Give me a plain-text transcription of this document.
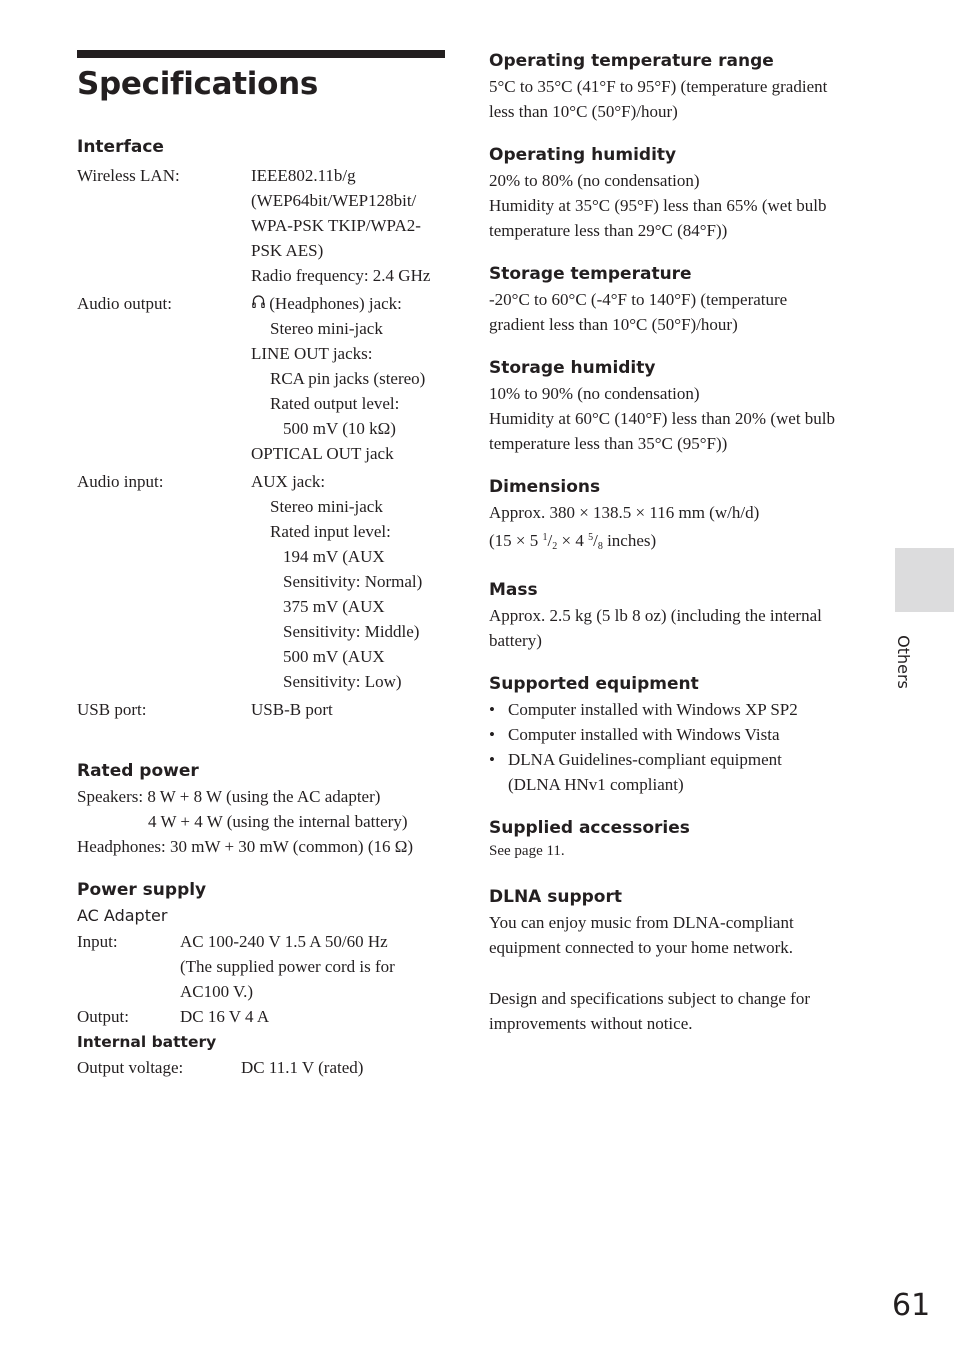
Specifications

Interface

Wireless LAN:	IEEE802.11b/g
(WEP64bit/WEP128bit/
WPA-PSK TKIP/WPA2-
PSK AES)
Radio frequency: 2.4 GHz
Audio output:	(Headphones) jack:
Stereo mini-jack
LINE OUT jacks:
RCA pin jacks (stereo)
Rated output level:
500 mV (10 kΩ)
OPTICAL OUT jack
Audio input:	AUX jack:
Stereo mini-jack
Rated input level:
194 mV (AUX
Sensitivity: Normal)
375 mV (AUX
Sensitivity: Middle)
500 mV (AUX
Sensitivity: Low)
USB port:	USB-B port

Rated power

Speakers: 8 W + 8 W (using the AC adapter)
4 W + 4 W (using the internal battery)
Headphones: 30 mW + 30 mW (common) (16 Ω)

Power supply

AC Adapter

Input:	AC 100-240 V 1.5 A 50/60 Hz
(The supplied power cord is for
AC100 V.)
Output:	DC 16 V 4 A

Internal battery

Output voltage:	DC 11.1 V (rated)

Operating temperature range

5°C to 35°C (41°F to 95°F) (temperature gradient
less than 10°C (50°F)/hour)

Operating humidity

20% to 80% (no condensation)
Humidity at 35°C (95°F) less than 65% (wet bulb
temperature less than 29°C (84°F))

Storage temperature

-20°C to 60°C (-4°F to 140°F) (temperature
gradient less than 10°C (50°F)/hour)

Storage humidity

10% to 90% (no condensation)
Humidity at 60°C (140°F) less than 20% (wet bulb
temperature less than 35°C (95°F))

Dimensions

Approx. 380 × 138.5 × 116 mm (w/h/d)
(15 × 5 $^1$/2 × 4 $^5$/8 inches)

Mass

Approx. 2.5 kg (5 lb 8 oz) (including the internal
battery)

Supported equipment

• Computer installed with Windows XP SP2
• Computer installed with Windows Vista
• DLNA Guidelines-compliant equipment
(DLNA HNv1 compliant)

Supplied accessories

See page 11.

DLNA support

You can enjoy music from DLNA-compliant
equipment connected to your home network.
Design and specifications subject to change for
improvements without notice.
Others
61
